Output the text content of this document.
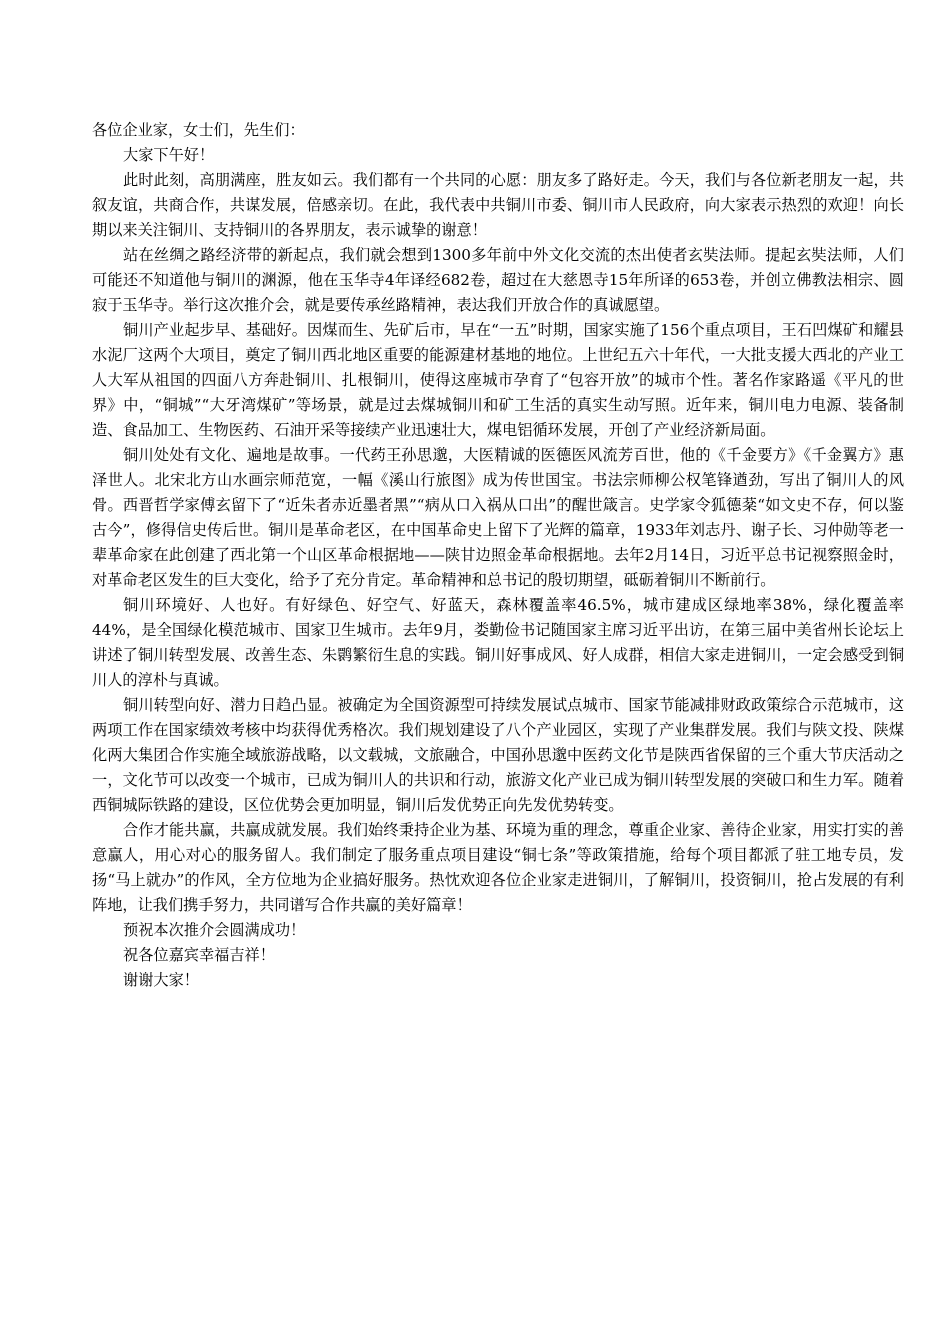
各位企业家，女士们，先生们：

大家下午好！

此时此刻，高朋满座，胜友如云。我们都有一个共同的心愿：朋友多了路好走。今天，我们与各位新老朋友一起，共叙友谊，共商合作，共谋发展，倍感亲切。在此，我代表中共铜川市委、铜川市人民政府，向大家表示热烈的欢迎！向长期以来关注铜川、支持铜川的各界朋友，表示诚挚的谢意！

站在丝绸之路经济带的新起点，我们就会想到1300多年前中外文化交流的杰出使者玄奘法师。提起玄奘法师，人们可能还不知道他与铜川的渊源，他在玉华寺4年译经682卷，超过在大慈恩寺15年所译的653卷，并创立佛教法相宗、圆寂于玉华寺。举行这次推介会，就是要传承丝路精神，表达我们开放合作的真诚愿望。

铜川产业起步早、基础好。因煤而生、先矿后市，早在“一五”时期，国家实施了156个重点项目，王石凹煤矿和耀县水泥厂这两个大项目，奠定了铜川西北地区重要的能源建材基地的地位。上世纪五六十年代，一大批支援大西北的产业工人大军从祖国的四面八方奔赴铜川、扎根铜川，使得这座城市孕育了“包容开放”的城市个性。著名作家路遥《平凡的世界》中，“铜城”“大牙湾煤矿”等场景，就是过去煤城铜川和矿工生活的真实生动写照。近年来，铜川电力电源、装备制造、食品加工、生物医药、石油开采等接续产业迅速壮大，煤电铝循环发展，开创了产业经济新局面。

铜川处处有文化、遍地是故事。一代药王孙思邈，大医精诚的医德医风流芳百世，他的《千金要方》《千金翼方》惠泽世人。北宋北方山水画宗师范宽，一幅《溪山行旅图》成为传世国宝。书法宗师柳公权笔锋遒劲，写出了铜川人的风骨。西晋哲学家傅玄留下了“近朱者赤近墨者黑”“病从口入祸从口出”的醒世箴言。史学家令狐德棻“如文史不存，何以鉴古今”，修得信史传后世。铜川是革命老区，在中国革命史上留下了光辉的篇章，1933年刘志丹、谢子长、习仲勋等老一辈革命家在此创建了西北第一个山区革命根据地——陕甘边照金革命根据地。去年2月14日，习近平总书记视察照金时，对革命老区发生的巨大变化，给予了充分肯定。革命精神和总书记的殷切期望，砥砺着铜川不断前行。

铜川环境好、人也好。有好绿色、好空气、好蓝天，森林覆盖率46.5%，城市建成区绿地率38%，绿化覆盖率44%，是全国绿化模范城市、国家卫生城市。去年9月，娄勤俭书记随国家主席习近平出访，在第三届中美省州长论坛上讲述了铜川转型发展、改善生态、朱鹮繁衍生息的实践。铜川好事成风、好人成群，相信大家走进铜川，一定会感受到铜川人的淳朴与真诚。

铜川转型向好、潜力日趋凸显。被确定为全国资源型可持续发展试点城市、国家节能减排财政政策综合示范城市，这两项工作在国家绩效考核中均获得优秀格次。我们规划建设了八个产业园区，实现了产业集群发展。我们与陕文投、陕煤化两大集团合作实施全域旅游战略，以文载城，文旅融合，中国孙思邈中医药文化节是陕西省保留的三个重大节庆活动之一，文化节可以改变一个城市，已成为铜川人的共识和行动，旅游文化产业已成为铜川转型发展的突破口和生力军。随着西铜城际铁路的建设，区位优势会更加明显，铜川后发优势正向先发优势转变。

合作才能共赢，共赢成就发展。我们始终秉持企业为基、环境为重的理念，尊重企业家、善待企业家，用实打实的善意赢人，用心对心的服务留人。我们制定了服务重点项目建设“铜七条”等政策措施，给每个项目都派了驻工地专员，发扬“马上就办”的作风，全方位地为企业搞好服务。热忱欢迎各位企业家走进铜川，了解铜川，投资铜川，抢占发展的有利阵地，让我们携手努力，共同谱写合作共赢的美好篇章！

预祝本次推介会圆满成功！

祝各位嘉宾幸福吉祥！

谢谢大家！
